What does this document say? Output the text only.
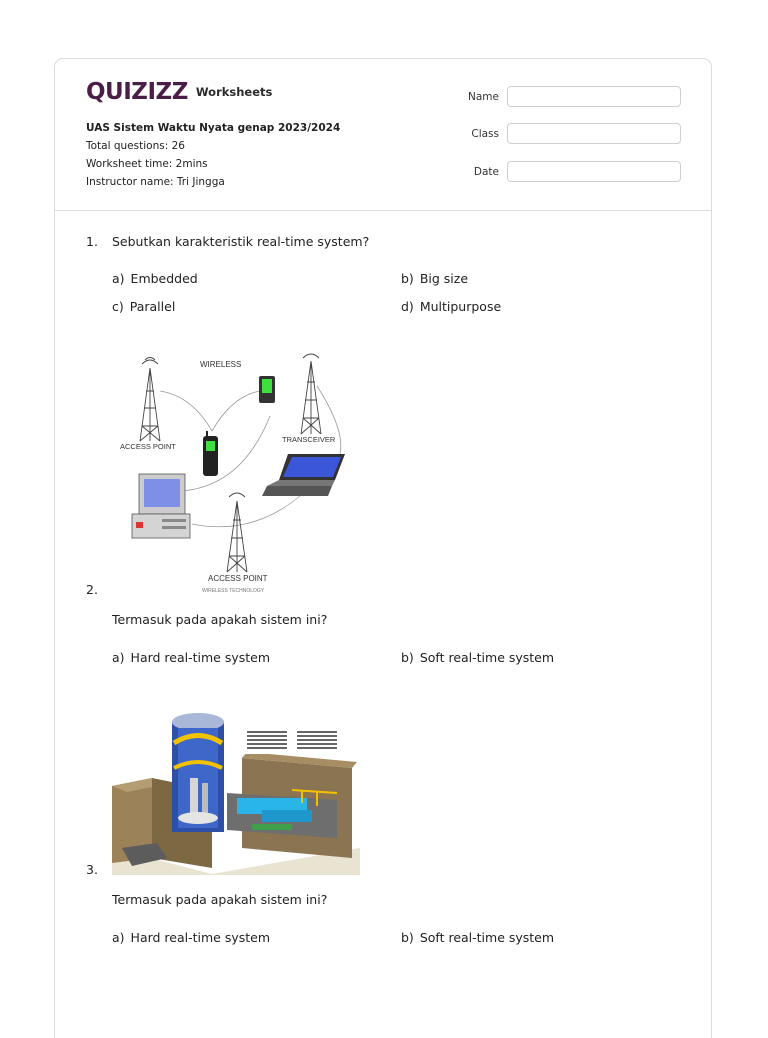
QUIZIZZ Worksheets
UAS Sistem Waktu Nyata genap 2023/2024
Total questions: 26
Worksheet time: 2mins
Instructor name: Tri Jingga
Name
Class
Date
1. Sebutkan karakteristik real-time system?
a) Embedded	b) Big size
c) Parallel	d) Multipurpose
ACCESS POINT
WIRELESS
TRANSCEIVER
ACCESS POINT
WIRELESS TECHNOLOGY
2.
Termasuk pada apakah sistem ini?
a) Hard real-time system	b) Soft real-time system
3.
Termasuk pada apakah sistem ini?
a) Hard real-time system	b) Soft real-time system
